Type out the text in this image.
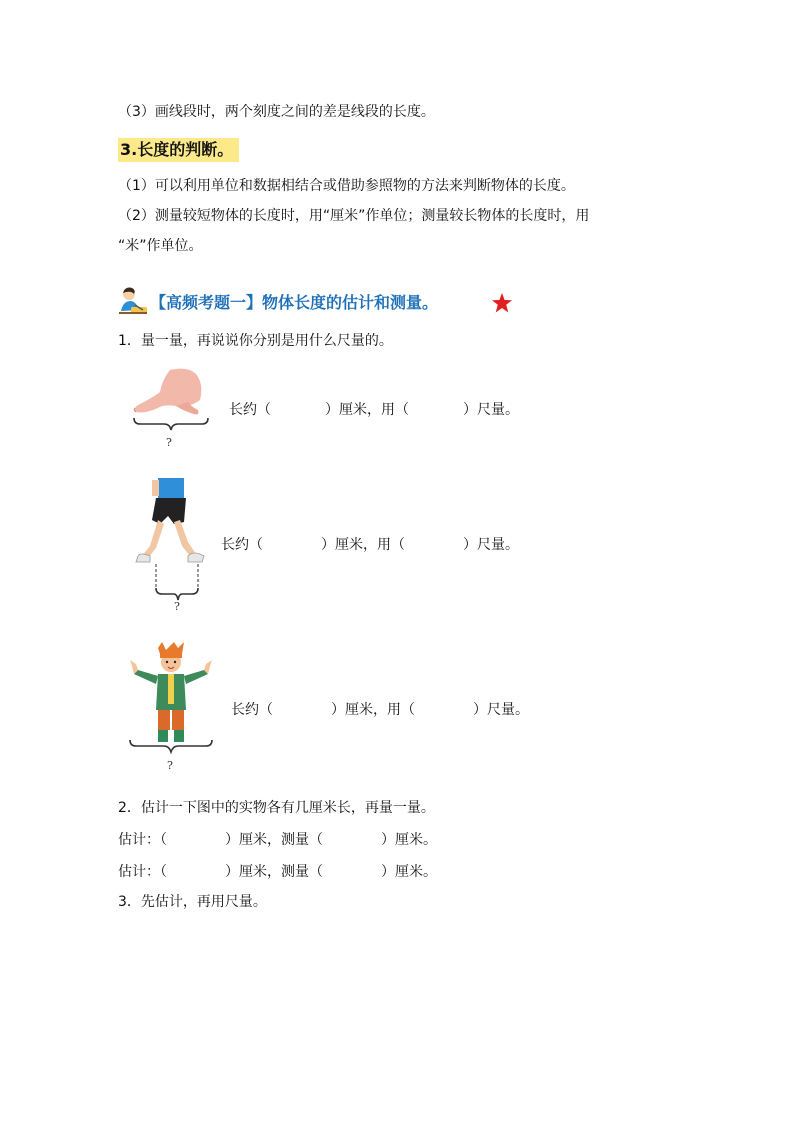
（3）画线段时，两个刻度之间的差是线段的长度。
3.长度的判断。
（1）可以利用单位和数据相结合或借助参照物的方法来判断物体的长度。
（2）测量较短物体的长度时，用“厘米”作单位；测量较长物体的长度时，用
“米”作单位。
【高频考题一】物体长度的估计和测量。
1．量一量，再说说你分别是用什么尺量的。
?
长约（	）厘米，用（	）尺量。
?
长约（	）厘米，用（	）尺量。
?
长约（	）厘米，用（	）尺量。
2．估计一下图中的实物各有几厘米长，再量一量。
估计：（	）厘米，测量（	）厘米。
估计：（	）厘米，测量（	）厘米。
3．先估计，再用尺量。
